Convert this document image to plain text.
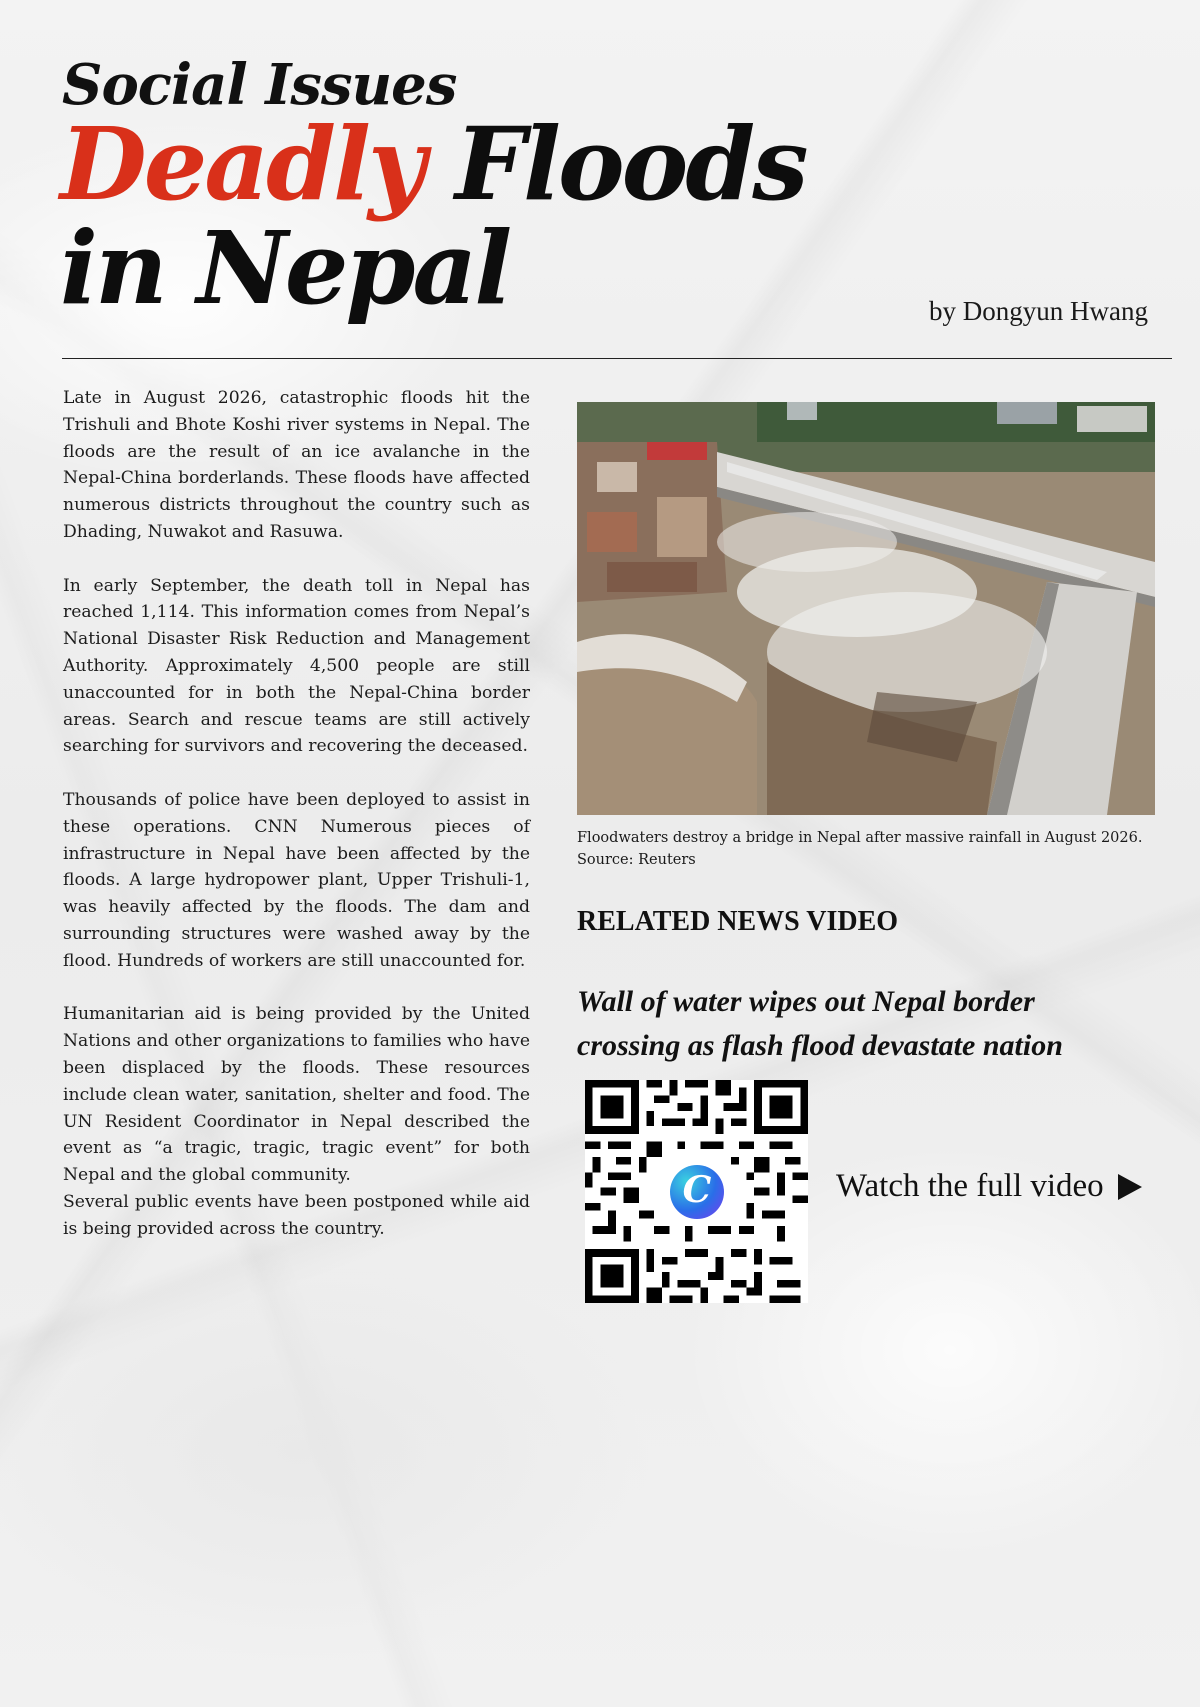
Social Issues
Deadly Floods
in Nepal	by Dongyun Hwang

Late in August 2026, catastrophic floods hit the Trishuli and Bhote Koshi river systems in Nepal. The floods are the result of an ice avalanche in the Nepal-China borderlands. These floods have affected numerous districts throughout the country such as Dhading, Nuwakot and Rasuwa.

In early September, the death toll in Nepal has reached 1,114. This information comes from Nepal’s National Disaster Risk Reduction and Management Authority. Approximately 4,500 people are still unaccounted for in both the Nepal-China border areas. Search and rescue teams are still actively searching for survivors and recovering the deceased.

Thousands of police have been deployed to assist in these operations. CNN Numerous pieces of infrastructure in Nepal have been affected by the floods. A large hydropower plant, Upper Trishuli-1, was heavily affected by the floods. The dam and surrounding structures were washed away by the flood. Hundreds of workers are still unaccounted for.

Humanitarian aid is being provided by the United Nations and other organizations to families who have been displaced by the floods. These resources include clean water, sanitation, shelter and food. The UN Resident Coordinator in Nepal described the event as “a tragic, tragic, tragic event” for both Nepal and the global community.

Several public events have been postponed while aid is being provided across the country.

Floodwaters destroy a bridge in Nepal after massive rainfall in August 2026.
Source: Reuters
RELATED NEWS VIDEO
Wall of water wipes out Nepal border crossing as flash flood devastate nation
C	Watch the full video
